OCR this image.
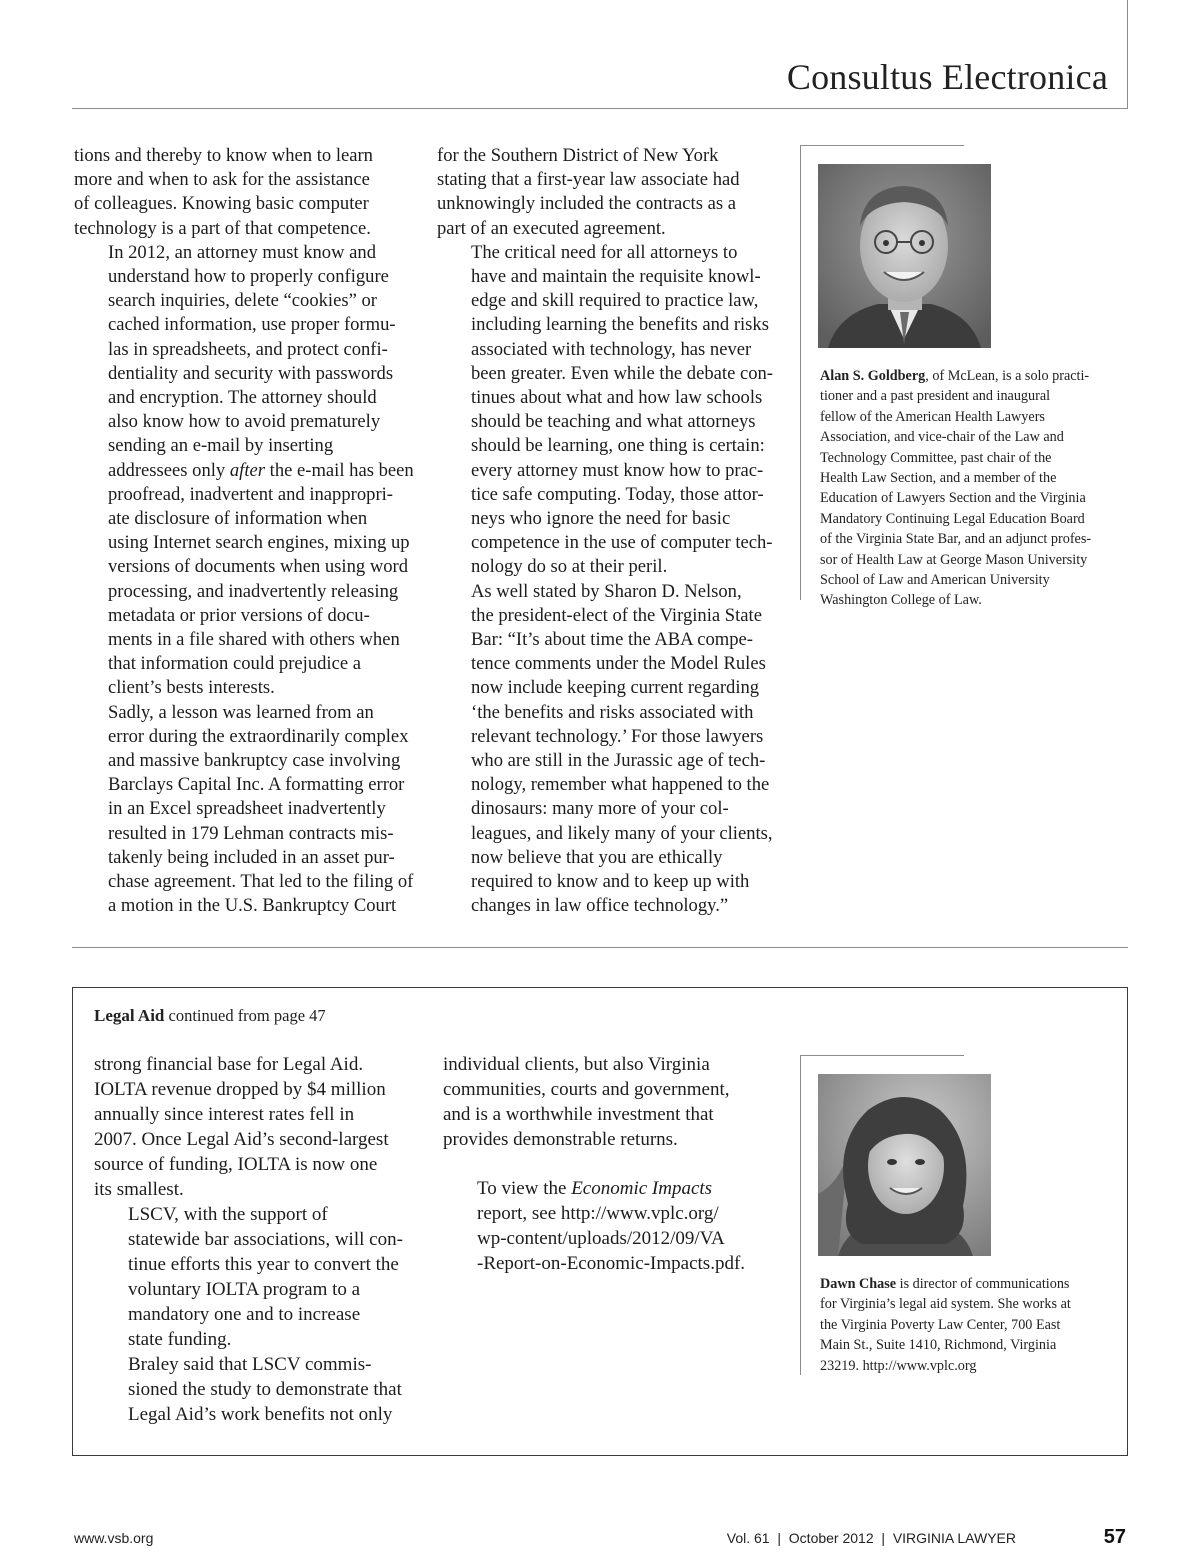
Consultus Electronica

tions and thereby to know when to learn
more and when to ask for the assistance
of colleagues. Knowing basic computer
technology is a part of that competence.

In 2012, an attorney must know and
understand how to properly configure
search inquiries, delete “cookies” or
cached information, use proper formu-
las in spreadsheets, and protect confi-
dentiality and security with passwords
and encryption. The attorney should
also know how to avoid prematurely
sending an e-mail by inserting
addressees only after the e-mail has been
proofread, inadvertent and inappropri-
ate disclosure of information when
using Internet search engines, mixing up
versions of documents when using word
processing, and inadvertently releasing
metadata or prior versions of docu-
ments in a file shared with others when
that information could prejudice a
client’s bests interests.

Sadly, a lesson was learned from an
error during the extraordinarily complex
and massive bankruptcy case involving
Barclays Capital Inc. A formatting error
in an Excel spreadsheet inadvertently
resulted in 179 Lehman contracts mis-
takenly being included in an asset pur-
chase agreement. That led to the filing of
a motion in the U.S. Bankruptcy Court

for the Southern District of New York
stating that a first-year law associate had
unknowingly included the contracts as a
part of an executed agreement.

The critical need for all attorneys to
have and maintain the requisite knowl-
edge and skill required to practice law,
including learning the benefits and risks
associated with technology, has never
been greater. Even while the debate con-
tinues about what and how law schools
should be teaching and what attorneys
should be learning, one thing is certain:
every attorney must know how to prac-
tice safe computing. Today, those attor-
neys who ignore the need for basic
competence in the use of computer tech-
nology do so at their peril.

As well stated by Sharon D. Nelson,
the president-elect of the Virginia State
Bar: “It’s about time the ABA compe-
tence comments under the Model Rules
now include keeping current regarding
‘the benefits and risks associated with
relevant technology.’ For those lawyers
who are still in the Jurassic age of tech-
nology, remember what happened to the
dinosaurs: many more of your col-
leagues, and likely many of your clients,
now believe that you are ethically
required to know and to keep up with
changes in law office technology.”

Alan S. Goldberg, of McLean, is a solo practi-
tioner and a past president and inaugural
fellow of the American Health Lawyers
Association, and vice-chair of the Law and
Technology Committee, past chair of the
Health Law Section, and a member of the
Education of Lawyers Section and the Virginia
Mandatory Continuing Legal Education Board
of the Virginia State Bar, and an adjunct profes-
sor of Health Law at George Mason University
School of Law and American University
Washington College of Law.
Legal Aid continued from page 47

strong financial base for Legal Aid.
IOLTA revenue dropped by $4 million
annually since interest rates fell in
2007. Once Legal Aid’s second-largest
source of funding, IOLTA is now one
its smallest.

LSCV, with the support of
statewide bar associations, will con-
tinue efforts this year to convert the
voluntary IOLTA program to a
mandatory one and to increase
state funding.

Braley said that LSCV commis-
sioned the study to demonstrate that
Legal Aid’s work benefits not only

individual clients, but also Virginia
communities, courts and government,
and is a worthwhile investment that
provides demonstrable returns.

To view the Economic Impacts
report, see http://www.vplc.org/
wp-content/uploads/2012/09/VA
-Report-on-Economic-Impacts.pdf.

Dawn Chase is director of communications
for Virginia’s legal aid system. She works at
the Virginia Poverty Law Center, 700 East
Main St., Suite 1410, Richmond, Virginia
23219. http://www.vplc.org
www.vsb.org	Vol. 61  |  October 2012  |  VIRGINIA LAWYER	57
